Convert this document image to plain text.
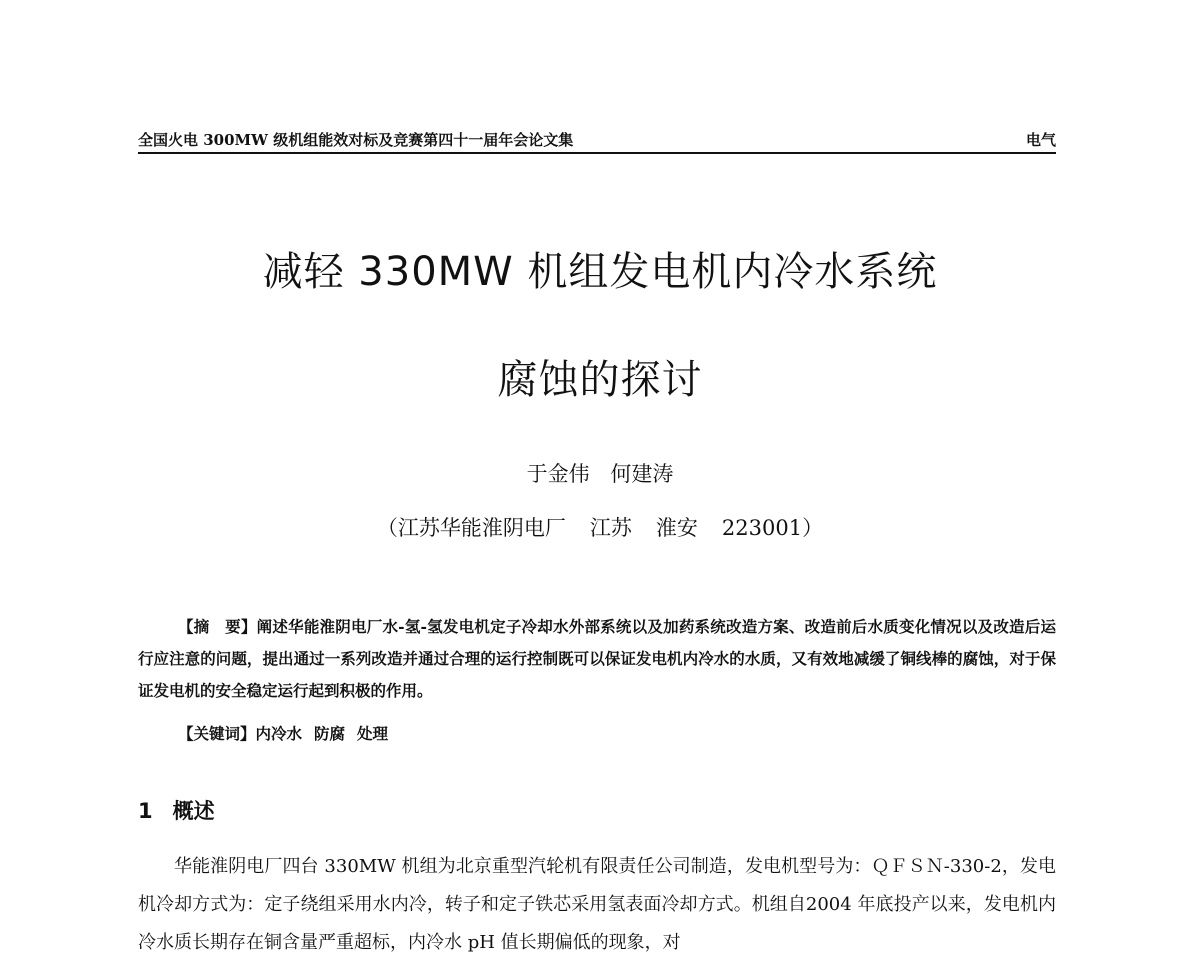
全国火电 300MW 级机组能效对标及竞赛第四十一届年会论文集	电气
减轻 330MW 机组发电机内冷水系统
腐蚀的探讨
于金伟 何建涛
（江苏华能淮阴电厂 江苏 淮安 223001）
【摘　要】阐述华能淮阴电厂水-氢-氢发电机定子冷却水外部系统以及加药系统改造方案、改造前后水质变化情况以及改造后运行应注意的问题，提出通过一系列改造并通过合理的运行控制既可以保证发电机内冷水的水质，又有效地减缓了铜线棒的腐蚀，对于保证发电机的安全稳定运行起到积极的作用。
【关键词】内冷水 防腐 处理
1 概述
华能淮阴电厂四台 330MW 机组为北京重型汽轮机有限责任公司制造，发电机型号为：ＱＦＳＮ-330-2，发电机冷却方式为：定子绕组采用水内冷，转子和定子铁芯采用氢表面冷却方式。机组自2004 年底投产以来，发电机内冷水质长期存在铜含量严重超标，内冷水 pH 值长期偏低的现象，对
